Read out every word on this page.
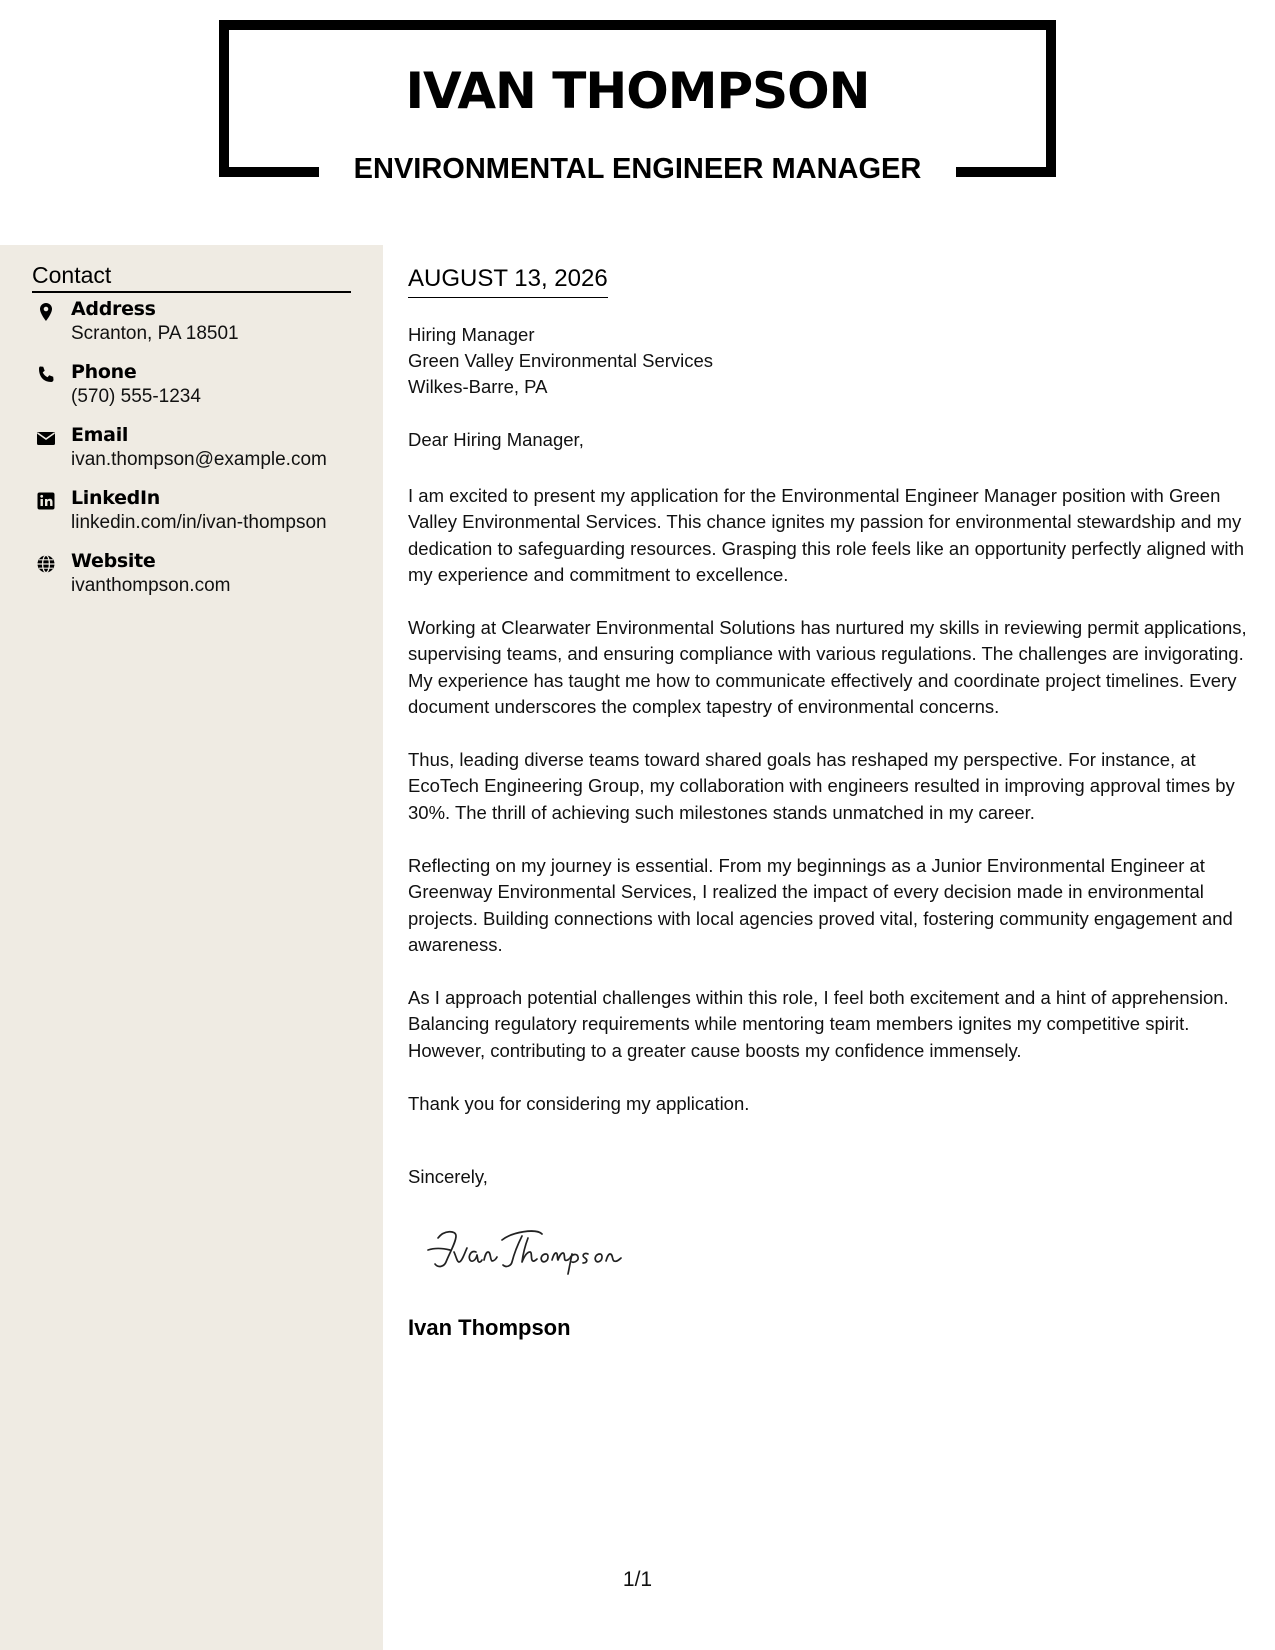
IVAN THOMPSON
ENVIRONMENTAL ENGINEER MANAGER
Contact
Address
Scranton, PA 18501
Phone
(570) 555-1234
Email
ivan.thompson@example.com
LinkedIn
linkedin.com/in/ivan-thompson
Website
ivanthompson.com
AUGUST 13, 2026
Hiring Manager
Green Valley Environmental Services
Wilkes-Barre, PA
Dear Hiring Manager,
I am excited to present my application for the Environmental Engineer Manager position with Green Valley Environmental Services. This chance ignites my passion for environmental stewardship and my dedication to safeguarding resources. Grasping this role feels like an opportunity perfectly aligned with my experience and commitment to excellence.
Working at Clearwater Environmental Solutions has nurtured my skills in reviewing permit applications, supervising teams, and ensuring compliance with various regulations. The challenges are invigorating. My experience has taught me how to communicate effectively and coordinate project timelines. Every document underscores the complex tapestry of environmental concerns.
Thus, leading diverse teams toward shared goals has reshaped my perspective. For instance, at EcoTech Engineering Group, my collaboration with engineers resulted in improving approval times by 30%. The thrill of achieving such milestones stands unmatched in my career.
Reflecting on my journey is essential. From my beginnings as a Junior Environmental Engineer at Greenway Environmental Services, I realized the impact of every decision made in environmental projects. Building connections with local agencies proved vital, fostering community engagement and awareness.
As I approach potential challenges within this role, I feel both excitement and a hint of apprehension. Balancing regulatory requirements while mentoring team members ignites my competitive spirit. However, contributing to a greater cause boosts my confidence immensely.
Thank you for considering my application.
Sincerely,
Ivan Thompson
1/1
